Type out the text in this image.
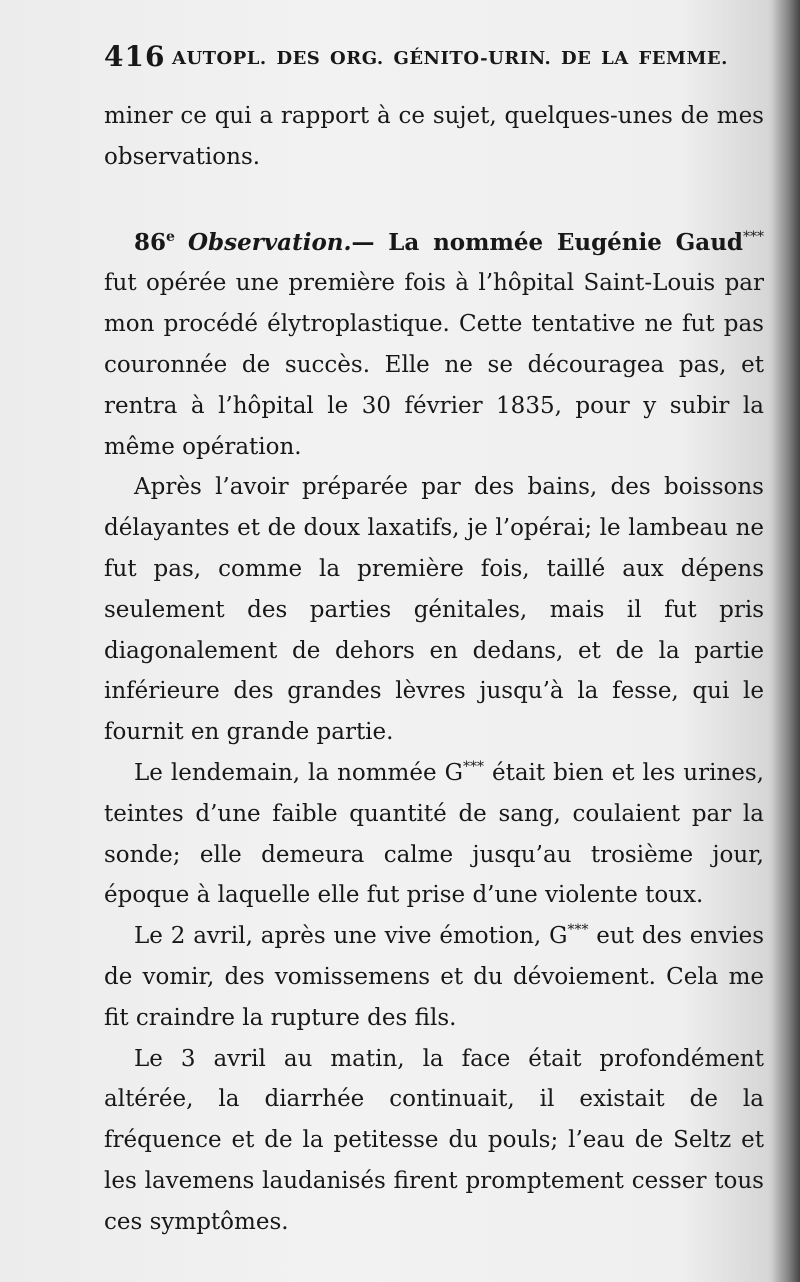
416 AUTOPL. DES ORG. GÉNITO-URIN. DE LA FEMME.

miner ce qui a rapport à ce sujet, quelques-unes de mes observations.

86e Observation.— La nommée Eugénie Gaud*** fut opérée une première fois à l’hôpital Saint-Louis par mon procédé élytroplastique. Cette tentative ne fut pas couronnée de succès. Elle ne se découragea pas, et rentra à l’hôpital le 30 février 1835, pour y subir la même opération.

Après l’avoir préparée par des bains, des boissons délayantes et de doux laxatifs, je l’opérai; le lambeau ne fut pas, comme la première fois, taillé aux dépens seulement des parties génitales, mais il fut pris diagonalement de dehors en dedans, et de la partie inférieure des grandes lèvres jusqu’à la fesse, qui le fournit en grande partie.

Le lendemain, la nommée G*** était bien et les urines, teintes d’une faible quantité de sang, coulaient par la sonde; elle demeura calme jusqu’au trosième jour, époque à laquelle elle fut prise d’une violente toux.

Le 2 avril, après une vive émotion, G*** eut des envies de vomir, des vomissemens et du dévoiement. Cela me fit craindre la rupture des fils.

Le 3 avril au matin, la face était profondément altérée, la diarrhée continuait, il existait de la fréquence et de la petitesse du pouls; l’eau de Seltz et les lavemens laudanisés firent promptement cesser tous ces symptômes.
